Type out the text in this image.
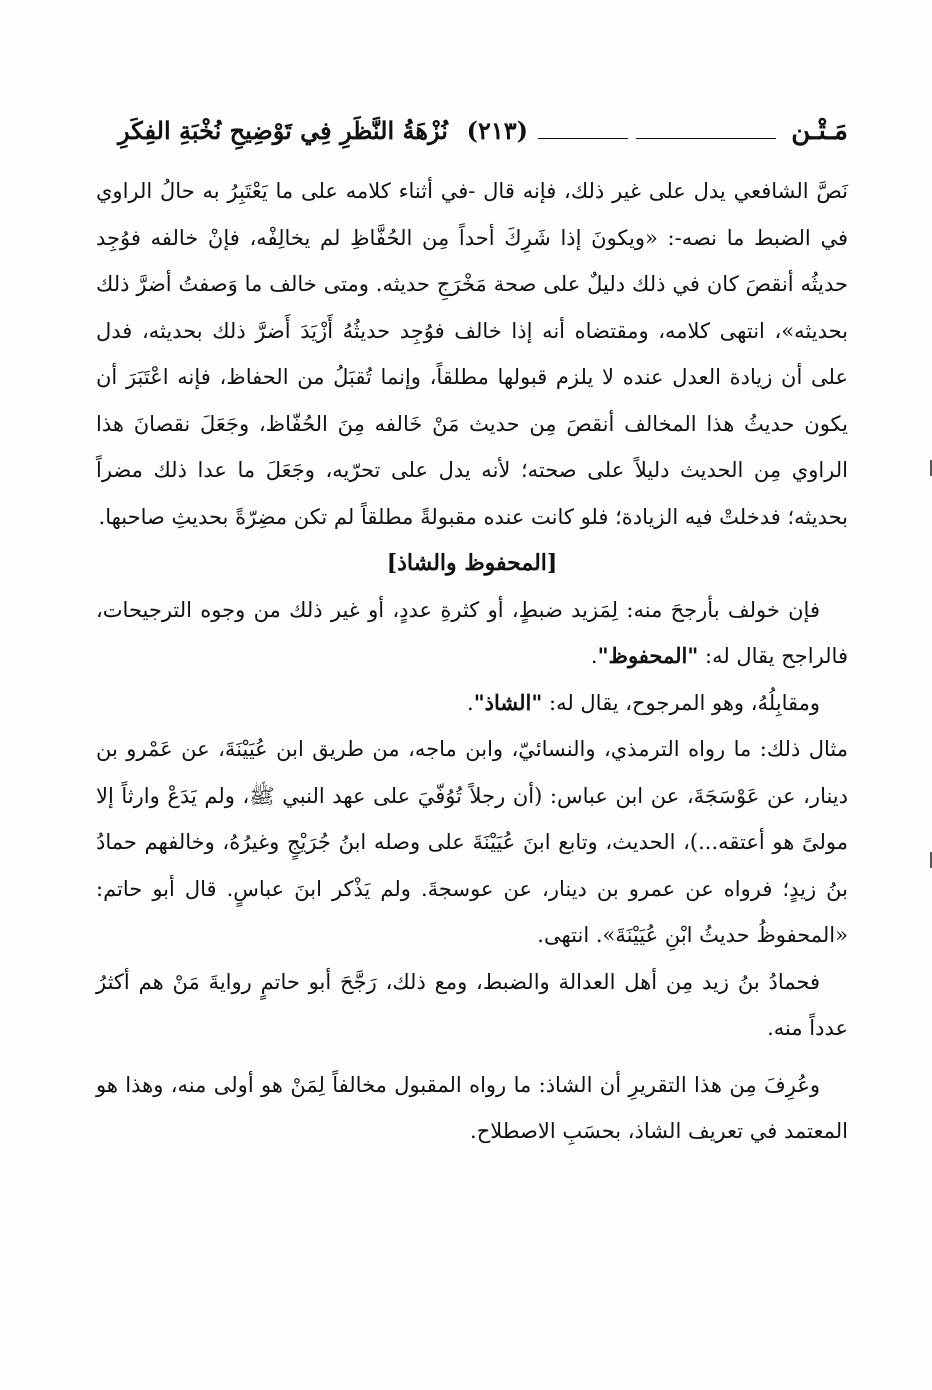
مَـتْـن
(٢١٣)
نُزْهَةُ النَّظَرِ فِي تَوْضِيحِ نُخْبَةِ الفِكَرِ

نَصَّ الشافعي يدل على غير ذلك، فإنه قال -في أثناء كلامه على ما يَعْتَبِرُ به حالُ الراوي في الضبط ما نصه-: «ويكونَ إذا شَرِكَ أحداً مِن الحُفَّاظِ لم يخالِفْه، فإنْ خالفه فوُجِد حديثُه أنقصَ كان في ذلك دليلٌ على صحة مَخْرَجِ حديثه. ومتى خالف ما وَصفتُ أضرَّ ذلك بحديثه»، انتهى كلامه، ومقتضاه أنه إذا خالف فوُجِد حديثُهُ أَزْيَدَ أَضرَّ ذلك بحديثه، فدل على أن زيادة العدل عنده لا يلزم قبولها مطلقاً، وإنما تُقبَلُ من الحفاظ، فإنه اعْتَبَرَ أن يكون حديثُ هذا المخالف أنقصَ مِن حديث مَنْ خَالفه مِنَ الحُفّاظ، وجَعَلَ نقصانَ هذا الراوي مِن الحديث دليلاً على صحته؛ لأنه يدل على تحرّيه، وجَعَلَ ما عدا ذلك مضراً بحديثه؛ فدخلتْ فيه الزيادة؛ فلو كانت عنده مقبولةً مطلقاً لم تكن مضِرّةً بحديثِ صاحبها.

[المحفوظ والشاذ]

فإن خولف بأرجحَ منه: لِمَزيد ضبطٍ، أو كثرةِ عددٍ، أو غير ذلك من وجوه الترجيحات، فالراجح يقال له: "المحفوظ".

ومقابِلُهُ، وهو المرجوح، يقال له: "الشاذ".

مثال ذلك: ما رواه الترمذي، والنسائيّ، وابن ماجه، من طريق ابن عُيَيْنَةَ، عن عَمْرو بن دينار، عن عَوْسَجَةَ، عن ابن عباس: (أن رجلاً تُوُفّيَ على عهد النبي ﷺ، ولم يَدَعْ وارثاً إلا مولىً هو أعتقه...)، الحديث، وتابع ابنَ عُيَيْنَةَ على وصله ابنُ جُرَيْجٍ وغيرُهُ، وخالفهم حمادُ بنُ زيدٍ؛ فرواه عن عمرو بن دينار، عن عوسجةَ. ولم يَذْكر ابنَ عباسٍ. قال أبو حاتم: «المحفوظُ حديثُ ابْنِ عُيَيْنَةَ». انتهى.

فحمادُ بنُ زيد مِن أهل العدالة والضبط، ومع ذلك، رَجَّحَ أبو حاتمٍ روايةَ مَنْ هم أكثرُ عدداً منه.

وعُرِفَ مِن هذا التقريرِ أن الشاذ: ما رواه المقبول مخالفاً لِمَنْ هو أولى منه، وهذا هو المعتمد في تعريف الشاذ، بحسَبِ الاصطلاح.
